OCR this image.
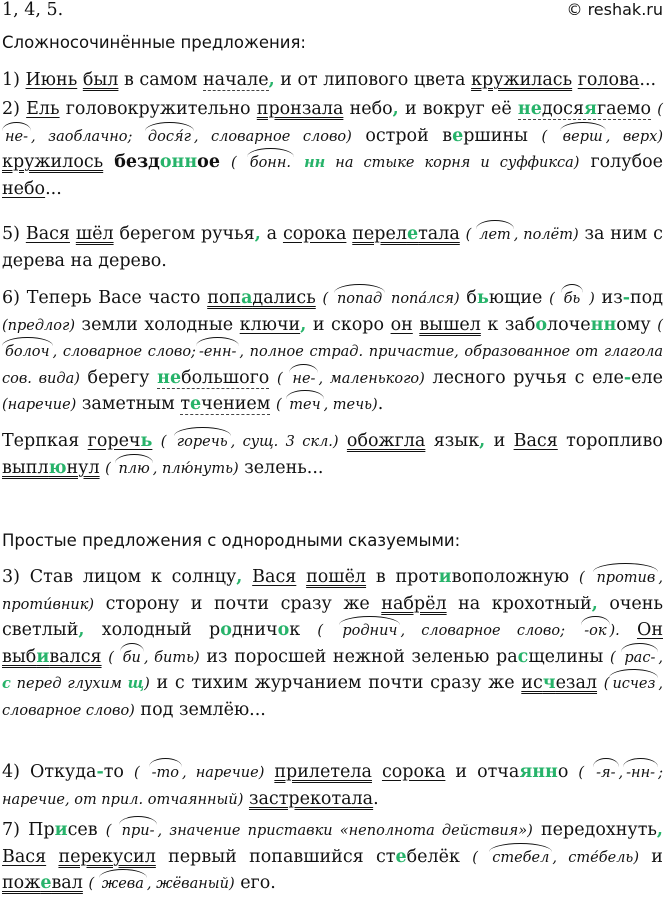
1, 4, 5.	© reshak.ru
Сложносочинённые предложения:
1) Июнь был в самом начале, и от липового цвета кружилась голова...
2) Ель головокружительно пронзала небо, и вокруг её недосяягаемо ( не- , заоблачно; дося́г , словарное слово) острой вершины ( верш , верх) кружилось бездонное ( бонн. нн на стыке корня и суффикса) голубое небо...
5) Вася шёл берегом ручья, а сорока перелетала ( лет , полёт) за ним с дерева на дерево.
6) Теперь Васе часто попадались ( попад попа́лся) бьющие ( бь ) из-под (предлог) земли холодные ключи, и скоро он вышел к заболоченному (болоч , словарное слово; -енн- , полное страд. причастие, образованное от глагола сов. вида) берегу небольшого ( не- , маленького) лесного ручья с еле-еле (наречие) заметным течением ( теч , течь).
Терпкая горечь ( горечь , сущ. 3 скл.) обожгла язык, и Вася торопливо выплюнул ( плю , плю́нуть) зелень...
Простые предложения с однородными сказуемыми:
3) Став лицом к солнцу, Вася пошёл в противоположную ( против , проти́вник) сторону и почти сразу же набрёл на крохотный, очень светлый, холодный родничок ( роднич , словарное слово; -ок ). Он выбивался ( би , бить) из поросшей нежной зеленью расщелины ( рас- , с перед глухим щ) и с тихим журчанием почти сразу же исчезал ( исчез , словарное слово) под землёю...
4) Откуда-то ( -то , наречие) прилетела сорока и отчаянно ( -я- , -нн- ; наречие, от прил. отчаянный) застрекотала.
7) Присев ( при- , значение приставки «неполнота действия») передохнуть, Вася перекусил первый попавшийся стебелёк ( стебел , сте́бель) и пожевал ( жева , жёваный) его.
